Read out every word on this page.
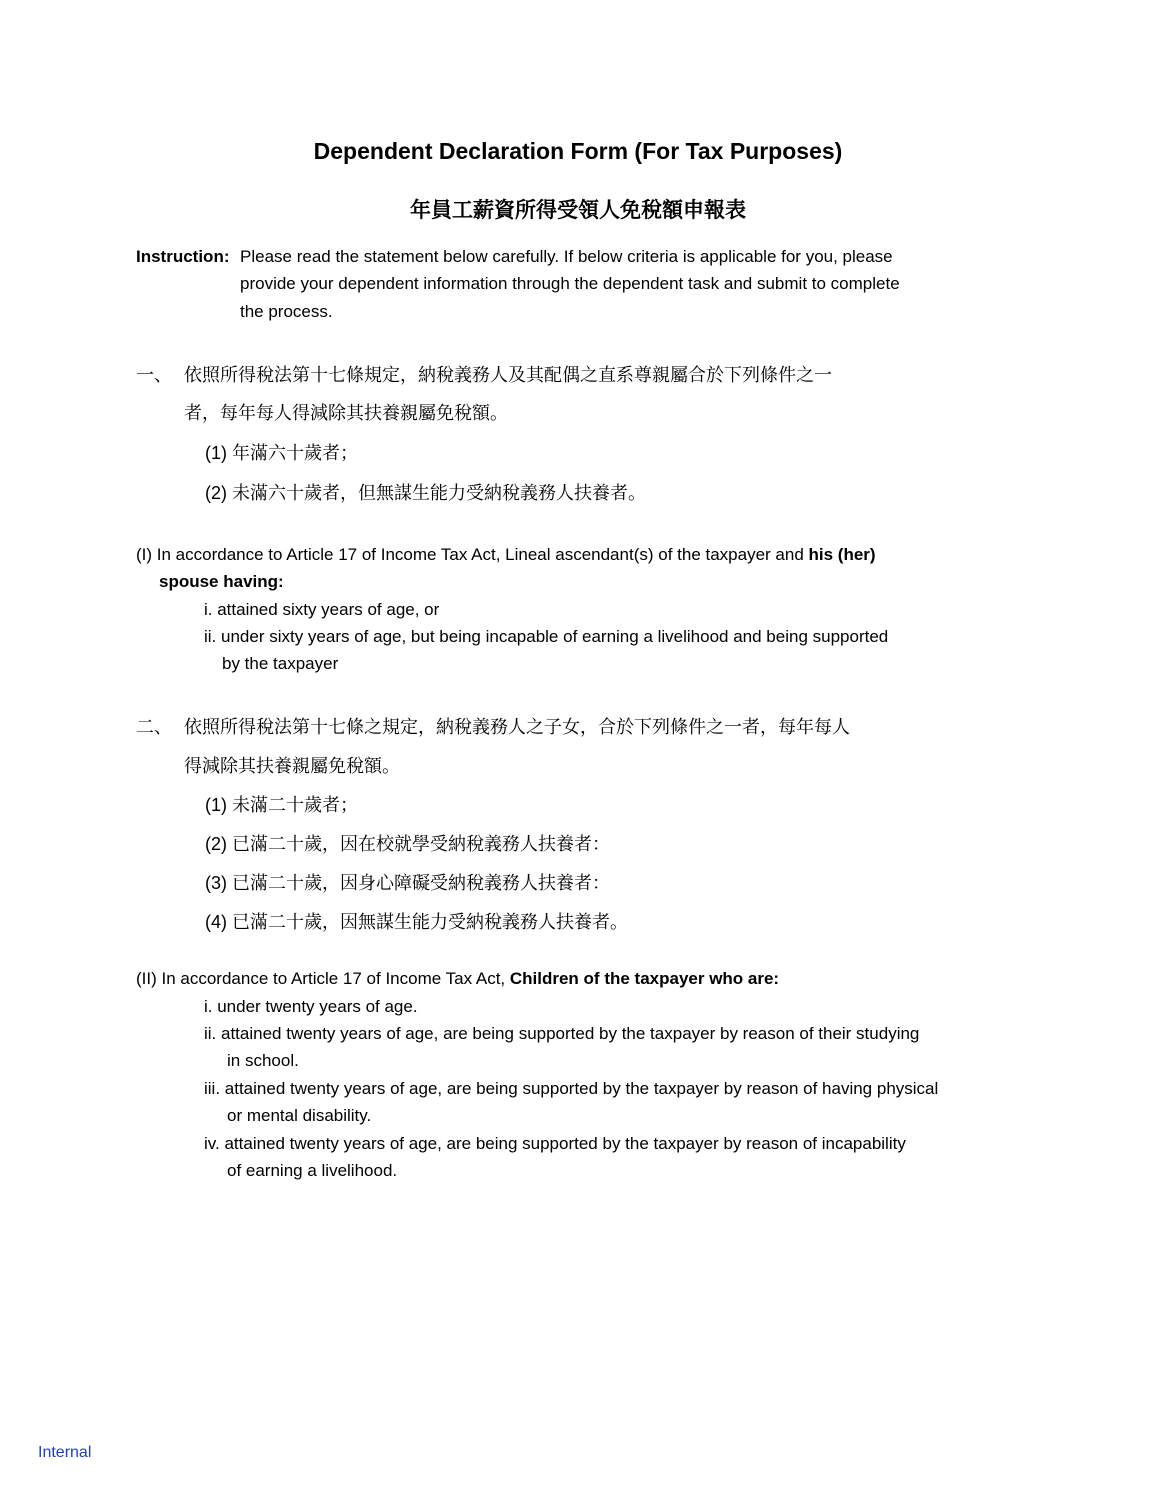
Dependent Declaration Form (For Tax Purposes)
年員工薪資所得受領人免稅額申報表
Instruction: Please read the statement below carefully. If below criteria is applicable for you, please
provide your dependent information through the dependent task and submit to complete
the process.
一、 依照所得稅法第十七條規定，納稅義務人及其配偶之直系尊親屬合於下列條件之一
者，每年每人得減除其扶養親屬免稅額。
(1) 年滿六十歲者；
(2) 未滿六十歲者，但無謀生能力受納稅義務人扶養者。
(I) In accordance to Article 17 of Income Tax Act, Lineal ascendant(s) of the taxpayer and his (her)
spouse having:
i. attained sixty years of age, or
ii. under sixty years of age, but being incapable of earning a livelihood and being supported
by the taxpayer
二、 依照所得稅法第十七條之規定，納稅義務人之子女，合於下列條件之一者，每年每人
得減除其扶養親屬免稅額。
(1) 未滿二十歲者；
(2) 已滿二十歲，因在校就學受納稅義務人扶養者：
(3) 已滿二十歲，因身心障礙受納稅義務人扶養者：
(4) 已滿二十歲，因無謀生能力受納稅義務人扶養者。
(II) In accordance to Article 17 of Income Tax Act, Children of the taxpayer who are:
i. under twenty years of age.
ii. attained twenty years of age, are being supported by the taxpayer by reason of their studying
in school.
iii. attained twenty years of age, are being supported by the taxpayer by reason of having physical
or mental disability.
iv. attained twenty years of age, are being supported by the taxpayer by reason of incapability
of earning a livelihood.
Internal
